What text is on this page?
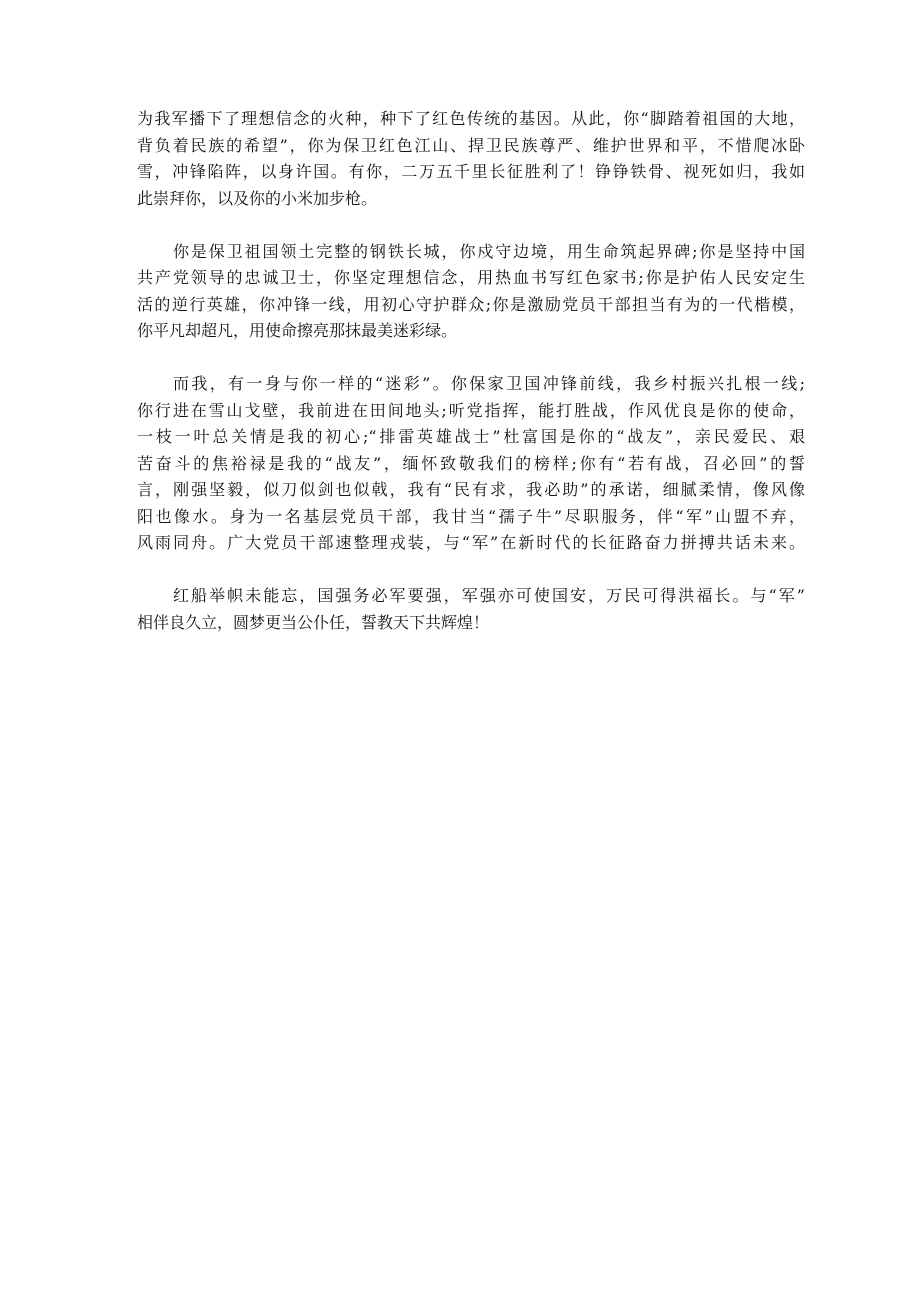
为我军播下了理想信念的火种，种下了红色传统的基因。从此，你“脚踏着祖国的大地，
背负着民族的希望”，你为保卫红色江山、捍卫民族尊严、维护世界和平，不惜爬冰卧
雪，冲锋陷阵，以身许国。有你，二万五千里长征胜利了！铮铮铁骨、视死如归，我如
此崇拜你，以及你的小米加步枪。
你是保卫祖国领土完整的钢铁长城，你戍守边境，用生命筑起界碑;你是坚持中国
共产党领导的忠诚卫士，你坚定理想信念，用热血书写红色家书;你是护佑人民安定生
活的逆行英雄，你冲锋一线，用初心守护群众;你是激励党员干部担当有为的一代楷模，
你平凡却超凡，用使命擦亮那抹最美迷彩绿。
而我，有一身与你一样的“迷彩”。你保家卫国冲锋前线，我乡村振兴扎根一线;
你行进在雪山戈壁，我前进在田间地头;听党指挥，能打胜战，作风优良是你的使命，
一枝一叶总关情是我的初心;“排雷英雄战士”杜富国是你的“战友”，亲民爱民、艰
苦奋斗的焦裕禄是我的“战友”，缅怀致敬我们的榜样;你有“若有战，召必回”的誓
言，刚强坚毅，似刀似剑也似戟，我有“民有求，我必助”的承诺，细腻柔情，像风像
阳也像水。身为一名基层党员干部，我甘当“孺子牛”尽职服务，伴“军”山盟不弃，
风雨同舟。广大党员干部速整理戎装，与“军”在新时代的长征路奋力拼搏共话未来。
红船举帜未能忘，国强务必军要强，军强亦可使国安，万民可得洪福长。与“军”
相伴良久立，圆梦更当公仆任，誓教天下共辉煌！
